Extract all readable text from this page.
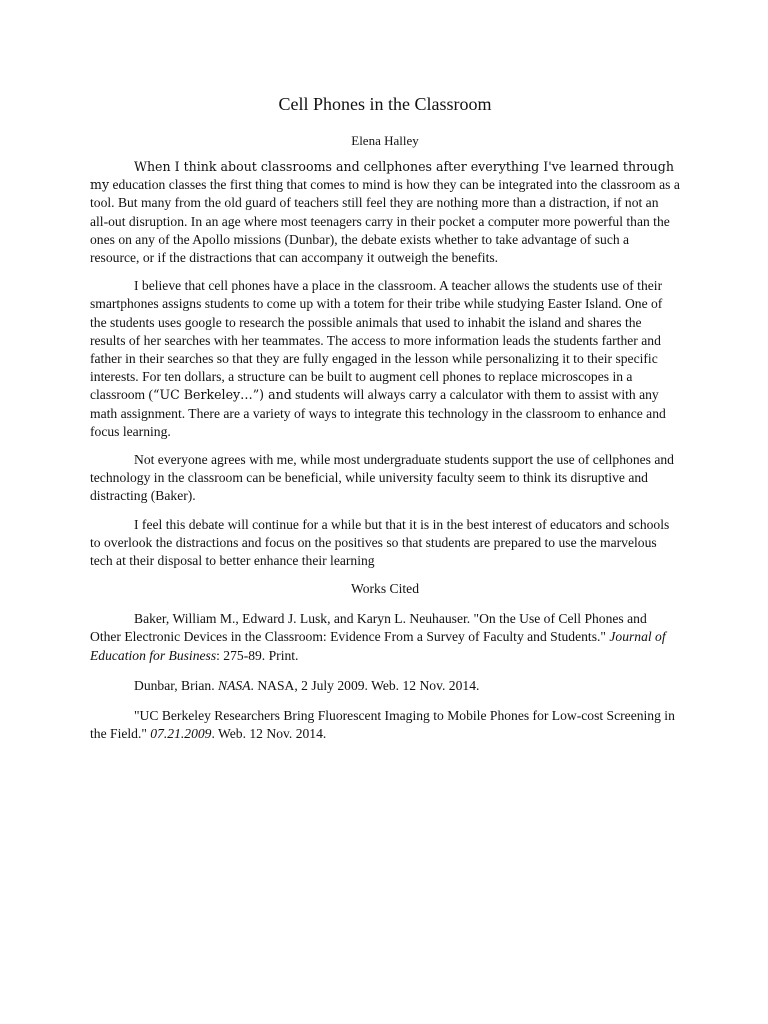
Cell Phones in the Classroom
Elena Halley

When I think about classrooms and cellphones after everything I've learned through my education classes the first thing that comes to mind is how they can be integrated into the classroom as a tool. But many from the old guard of teachers still feel they are nothing more than a distraction, if not an all-out disruption. In an age where most teenagers carry in their pocket a computer more powerful than the ones on any of the Apollo missions (Dunbar), the debate exists whether to take advantage of such a resource, or if the distractions that can accompany it outweigh the benefits.

I believe that cell phones have a place in the classroom. A teacher allows the students use of their smartphones assigns students to come up with a totem for their tribe while studying Easter Island. One of the students uses google to research the possible animals that used to inhabit the island and shares the results of her searches with her teammates. The access to more information leads the students farther and father in their searches so that they are fully engaged in the lesson while personalizing it to their specific interests. For ten dollars, a structure can be built to augment cell phones to replace microscopes in a classroom (“UC Berkeley…”) and students will always carry a calculator with them to assist with any math assignment. There are a variety of ways to integrate this technology in the classroom to enhance and focus learning.

Not everyone agrees with me, while most undergraduate students support the use of cellphones and technology in the classroom can be beneficial, while university faculty seem to think its disruptive and distracting (Baker).

I feel this debate will continue for a while but that it is in the best interest of educators and schools to overlook the distractions and focus on the positives so that students are prepared to use the marvelous tech at their disposal to better enhance their learning

Works Cited

Baker, William M., Edward J. Lusk, and Karyn L. Neuhauser. "On the Use of Cell Phones and Other Electronic Devices in the Classroom: Evidence From a Survey of Faculty and Students." Journal of Education for Business: 275-89. Print.

Dunbar, Brian. NASA. NASA, 2 July 2009. Web. 12 Nov. 2014.

"UC Berkeley Researchers Bring Fluorescent Imaging to Mobile Phones for Low-cost Screening in the Field." 07.21.2009. Web. 12 Nov. 2014.
